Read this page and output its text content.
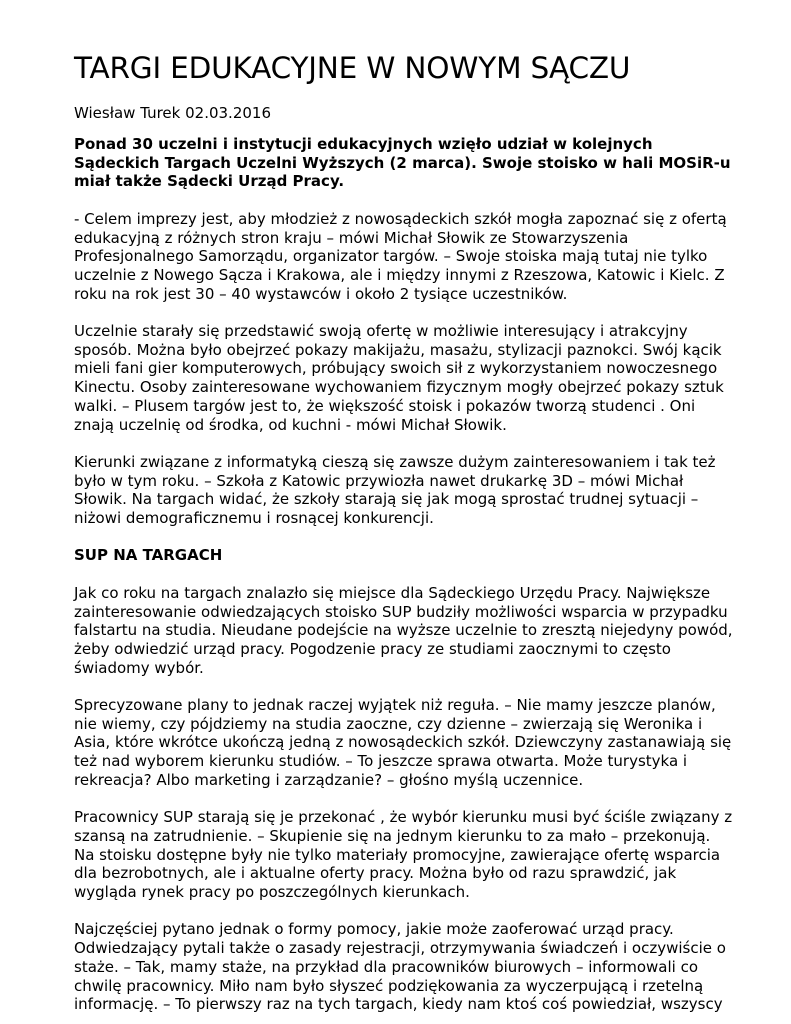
TARGI EDUKACYJNE W NOWYM SĄCZU

Wiesław Turek 02.03.2016

Ponad 30 uczelni i instytucji edukacyjnych wzięło udział w kolejnych
Sądeckich Targach Uczelni Wyższych (2 marca). Swoje stoisko w hali MOSiR-u
miał także Sądecki Urząd Pracy.

- Celem imprezy jest, aby młodzież z nowosądeckich szkół mogła zapoznać się z ofertą
edukacyjną z różnych stron kraju – mówi Michał Słowik ze Stowarzyszenia
Profesjonalnego Samorządu, organizator targów. – Swoje stoiska mają tutaj nie tylko
uczelnie z Nowego Sącza i Krakowa, ale i między innymi z Rzeszowa, Katowic i Kielc. Z
roku na rok jest 30 – 40 wystawców i około 2 tysiące uczestników.

Uczelnie starały się przedstawić swoją ofertę w możliwie interesujący i atrakcyjny
sposób. Można było obejrzeć pokazy makijażu, masażu, stylizacji paznokci. Swój kącik
mieli fani gier komputerowych, próbujący swoich sił z wykorzystaniem nowoczesnego
Kinectu. Osoby zainteresowane wychowaniem fizycznym mogły obejrzeć pokazy sztuk
walki. – Plusem targów jest to, że większość stoisk i pokazów tworzą studenci . Oni
znają uczelnię od środka, od kuchni - mówi Michał Słowik.

Kierunki związane z informatyką cieszą się zawsze dużym zainteresowaniem i tak też
było w tym roku. – Szkoła z Katowic przywiozła nawet drukarkę 3D – mówi Michał
Słowik. Na targach widać, że szkoły starają się jak mogą sprostać trudnej sytuacji –
niżowi demograficznemu i rosnącej konkurencji.

SUP NA TARGACH

Jak co roku na targach znalazło się miejsce dla Sądeckiego Urzędu Pracy. Największe
zainteresowanie odwiedzających stoisko SUP budziły możliwości wsparcia w przypadku
falstartu na studia. Nieudane podejście na wyższe uczelnie to zresztą niejedyny powód,
żeby odwiedzić urząd pracy. Pogodzenie pracy ze studiami zaocznymi to często
świadomy wybór.

Sprecyzowane plany to jednak raczej wyjątek niż reguła. – Nie mamy jeszcze planów,
nie wiemy, czy pójdziemy na studia zaoczne, czy dzienne – zwierzają się Weronika i
Asia, które wkrótce ukończą jedną z nowosądeckich szkół. Dziewczyny zastanawiają się
też nad wyborem kierunku studiów. – To jeszcze sprawa otwarta. Może turystyka i
rekreacja? Albo marketing i zarządzanie? – głośno myślą uczennice.

Pracownicy SUP starają się je przekonać , że wybór kierunku musi być ściśle związany z
szansą na zatrudnienie. – Skupienie się na jednym kierunku to za mało – przekonują.
Na stoisku dostępne były nie tylko materiały promocyjne, zawierające ofertę wsparcia
dla bezrobotnych, ale i aktualne oferty pracy. Można było od razu sprawdzić, jak
wygląda rynek pracy po poszczególnych kierunkach.

Najczęściej pytano jednak o formy pomocy, jakie może zaoferować urząd pracy.
Odwiedzający pytali także o zasady rejestracji, otrzymywania świadczeń i oczywiście o
staże. – Tak, mamy staże, na przykład dla pracowników biurowych – informowali co
chwilę pracownicy. Miło nam było słyszeć podziękowania za wyczerpującą i rzetelną
informację. – To pierwszy raz na tych targach, kiedy nam ktoś coś powiedział, wszyscy
